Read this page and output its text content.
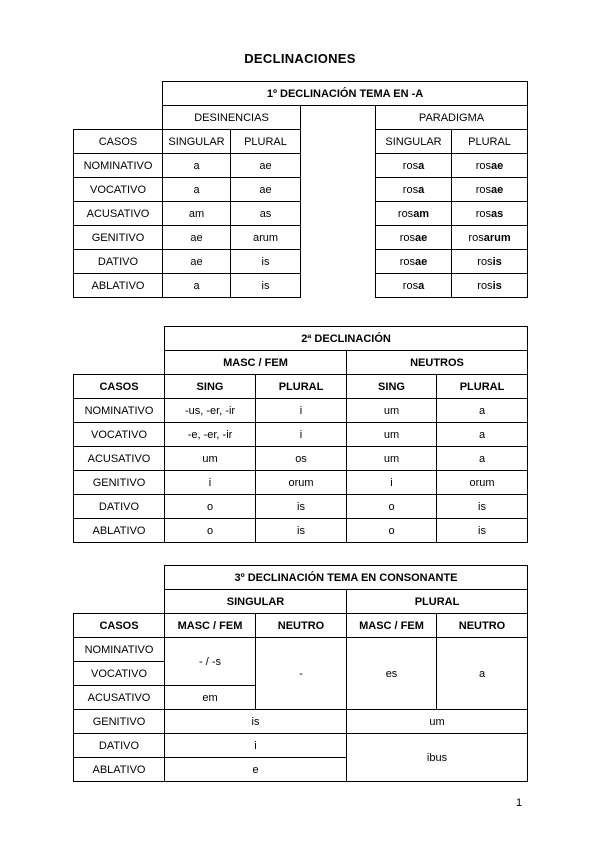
DECLINACIONES
	1º DECLINACIÓN TEMA EN -A				
	DESINENCIAS			PARADIGMA	
CASOS	SINGULAR	PLURAL		SINGULAR	PLURAL
NOMINATIVO	a	ae		rosa	rosae
VOCATIVO	a	ae		rosa	rosae
ACUSATIVO	am	as		rosam	rosas
GENITIVO	ae	arum		rosae	rosarum
DATIVO	ae	is		rosae	rosis
ABLATIVO	a	is		rosa	rosis
	2ª DECLINACIÓN			
	MASC / FEM		NEUTROS	
CASOS	SING	PLURAL	SING	PLURAL
NOMINATIVO	-us, -er, -ir	i	um	a
VOCATIVO	-e, -er, -ir	i	um	a
ACUSATIVO	um	os	um	a
GENITIVO	i	orum	i	orum
DATIVO	o	is	o	is
ABLATIVO	o	is	o	is
	3º DECLINACIÓN TEMA EN CONSONANTE			
	SINGULAR		PLURAL	
CASOS	MASC / FEM	NEUTRO	MASC / FEM	NEUTRO
NOMINATIVO	- / -s	-	es	a
VOCATIVO				
ACUSATIVO	em			
GENITIVO	is		um	
DATIVO	i		ibus	
ABLATIVO	e			
1
